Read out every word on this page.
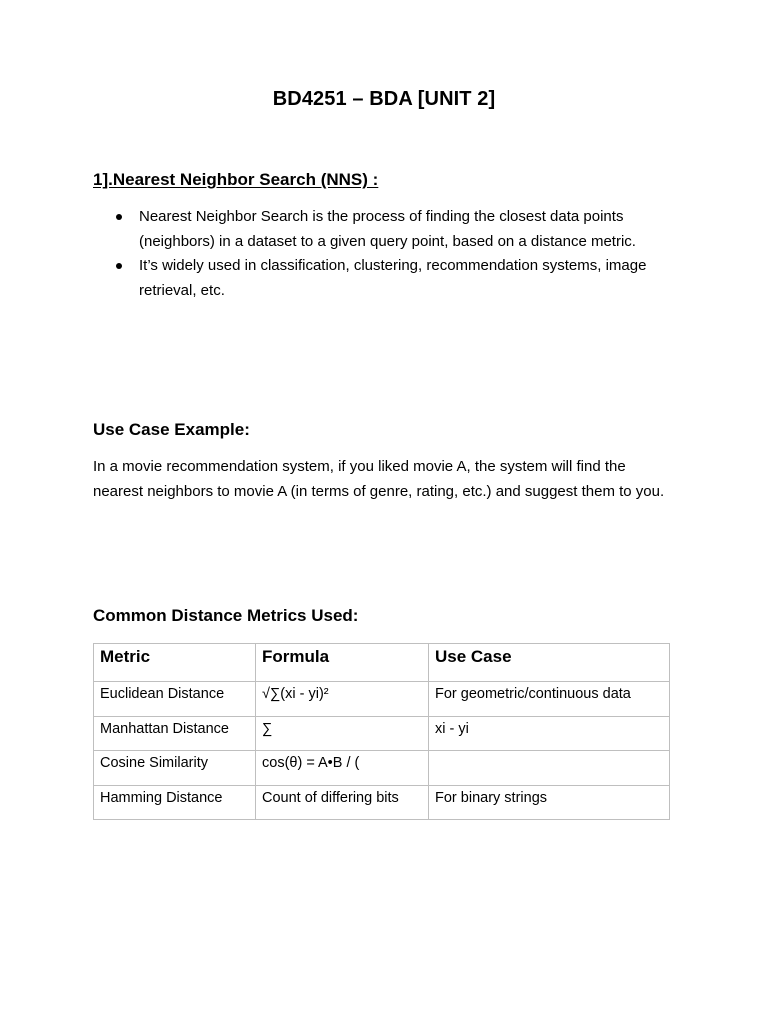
BD4251 – BDA [UNIT 2]
1].Nearest Neighbor Search (NNS) :
Nearest Neighbor Search is the process of finding the closest data points (neighbors) in a dataset to a given query point, based on a distance metric.
It’s widely used in classification, clustering, recommendation systems, image retrieval, etc.
Use Case Example:

In a movie recommendation system, if you liked movie A, the system will find the nearest neighbors to movie A (in terms of genre, rating, etc.) and suggest them to you.

Common Distance Metrics Used:
Metric	Formula	Use Case
Euclidean Distance	√∑(xi - yi)²	For geometric/continuous data
Manhattan Distance	∑	xi - yi
Cosine Similarity	cos(θ) = A•B / (	
Hamming Distance	Count of differing bits	For binary strings
